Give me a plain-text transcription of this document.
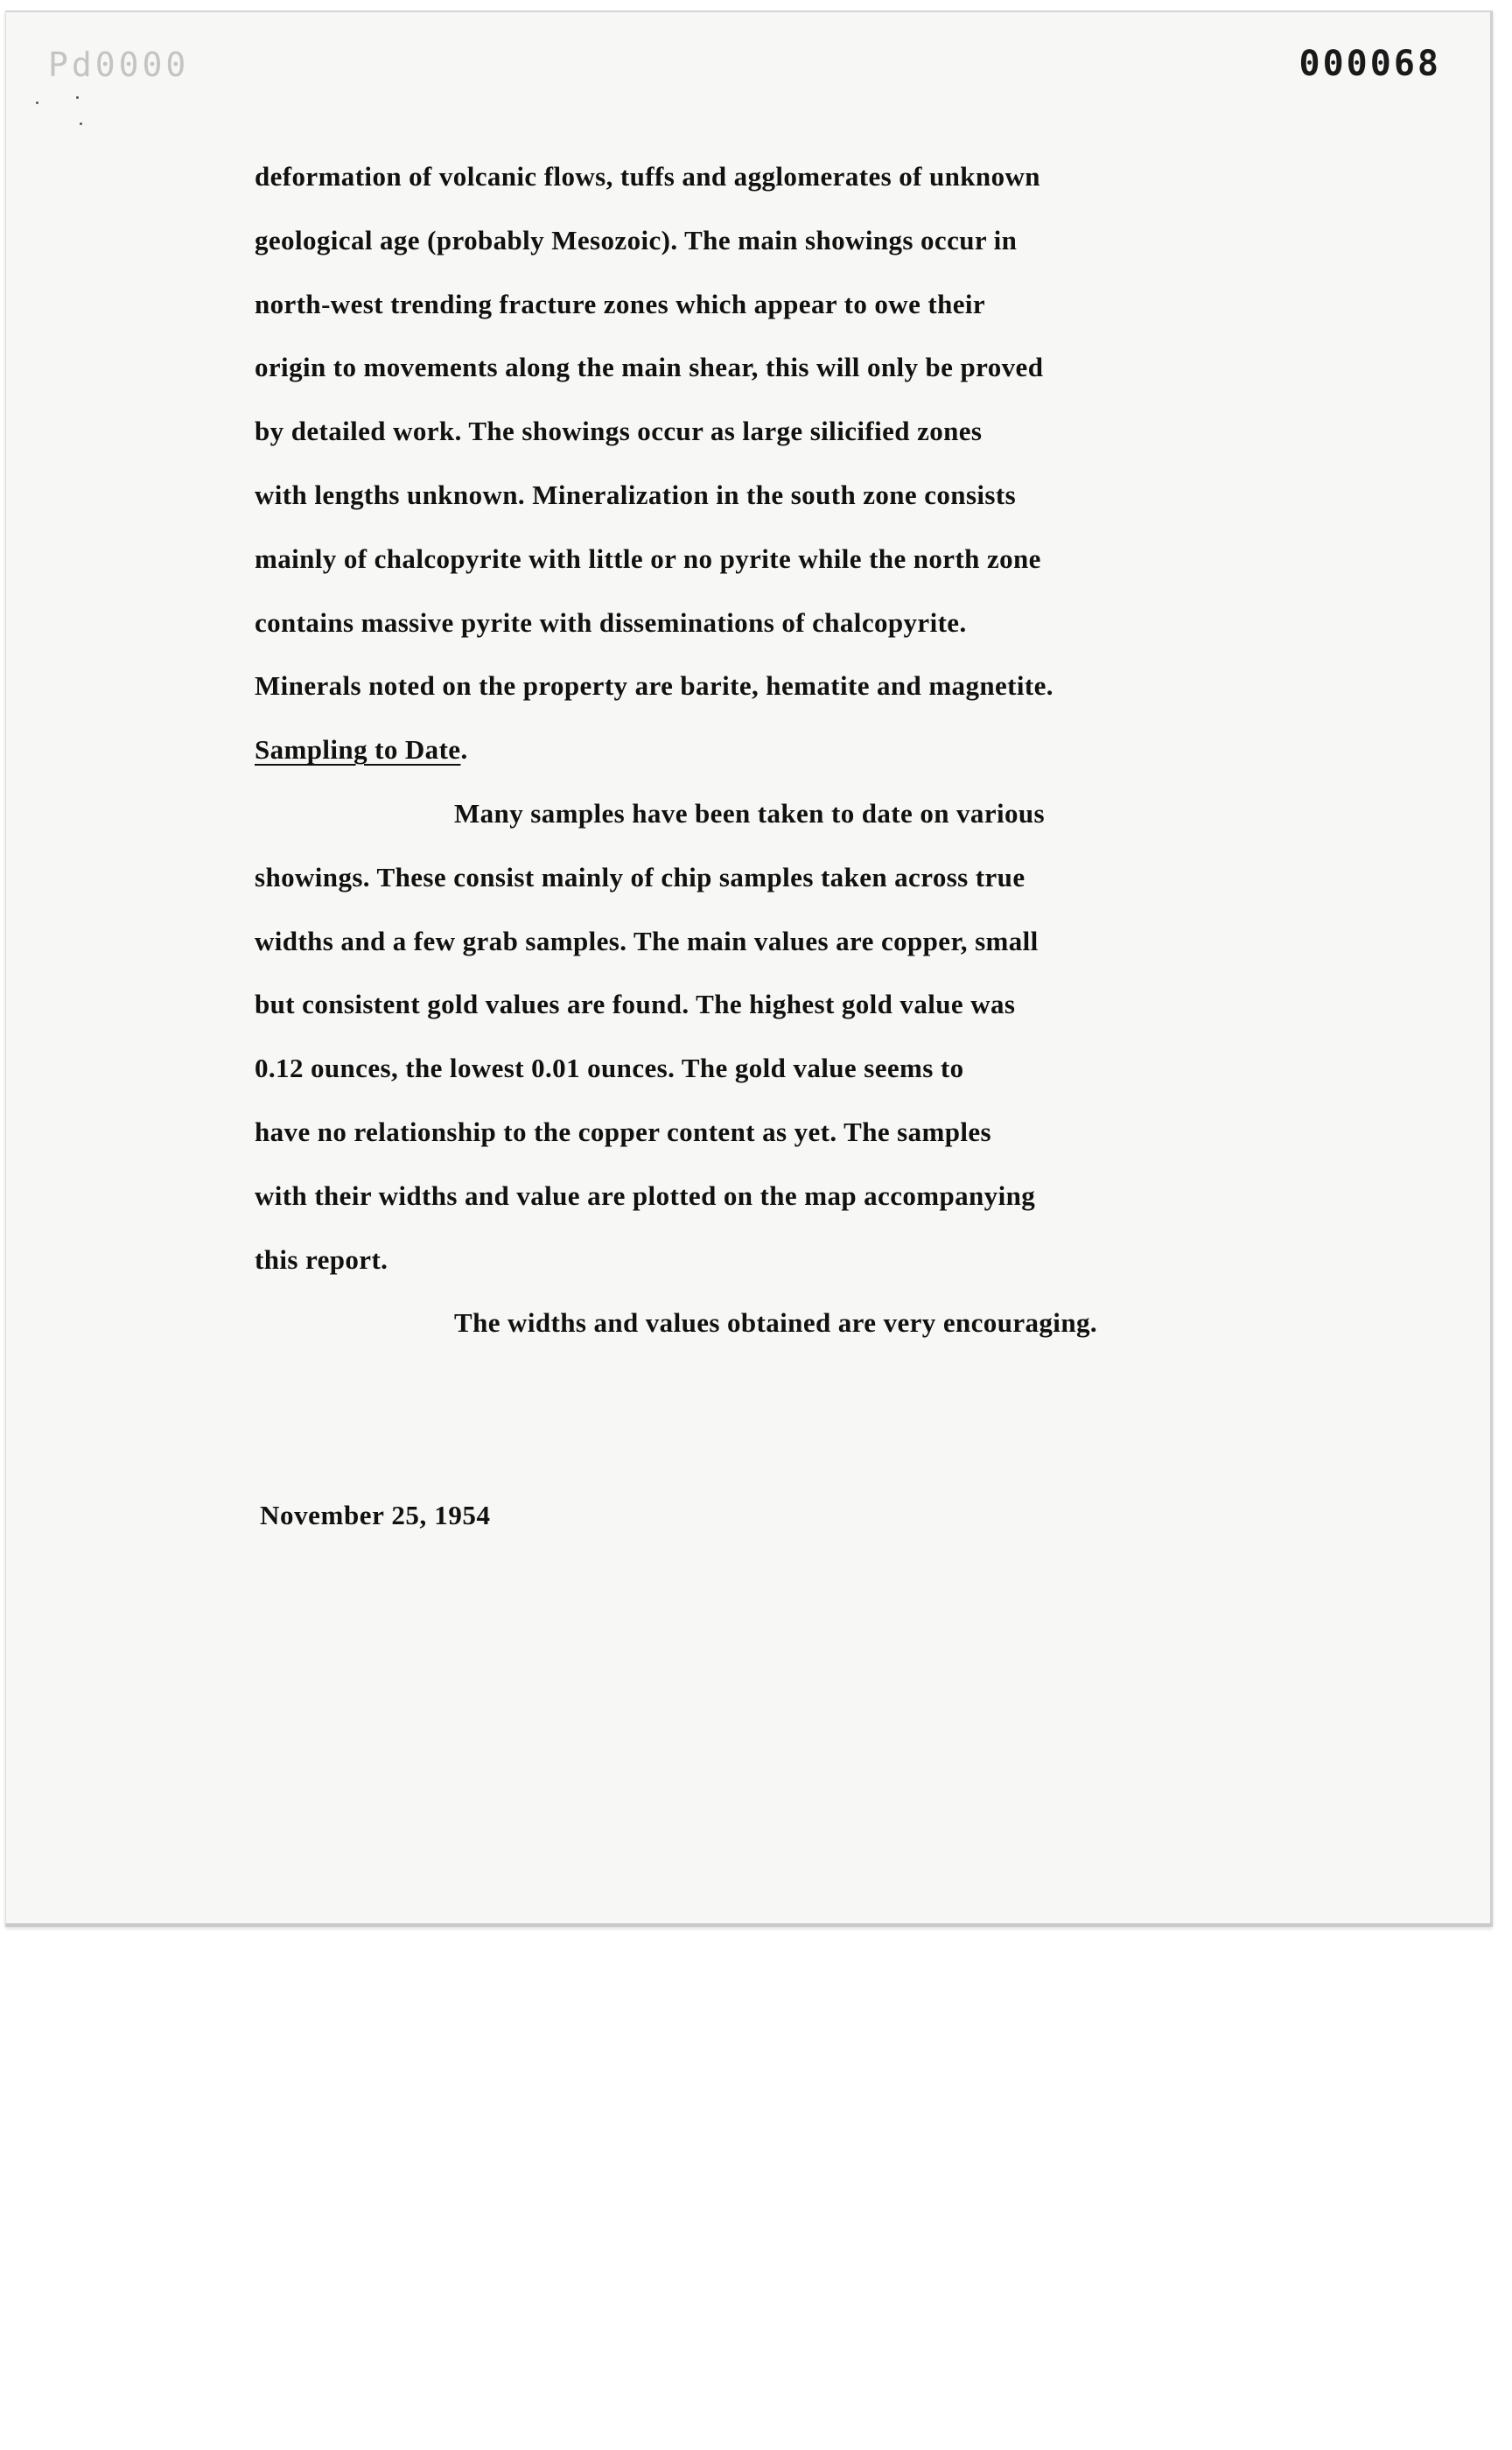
Pd0000	000068
deformation of volcanic flows, tuffs and agglomerates of unknown
geological age (probably Mesozoic). The main showings occur in
north-west trending fracture zones which appear to owe their
origin to movements along the main shear, this will only be proved
by detailed work. The showings occur as large silicified zones
with lengths unknown. Mineralization in the south zone consists
mainly of chalcopyrite with little or no pyrite while the north zone
contains massive pyrite with disseminations of chalcopyrite.
Minerals noted on the property are barite, hematite and magnetite.
Sampling to Date.
Many samples have been taken to date on various
showings. These consist mainly of chip samples taken across true
widths and a few grab samples. The main values are copper, small
but consistent gold values are found. The highest gold value was
0.12 ounces, the lowest 0.01 ounces. The gold value seems to
have no relationship to the copper content as yet. The samples
with their widths and value are plotted on the map accompanying
this report.
The widths and values obtained are very encouraging.
November 25, 1954
